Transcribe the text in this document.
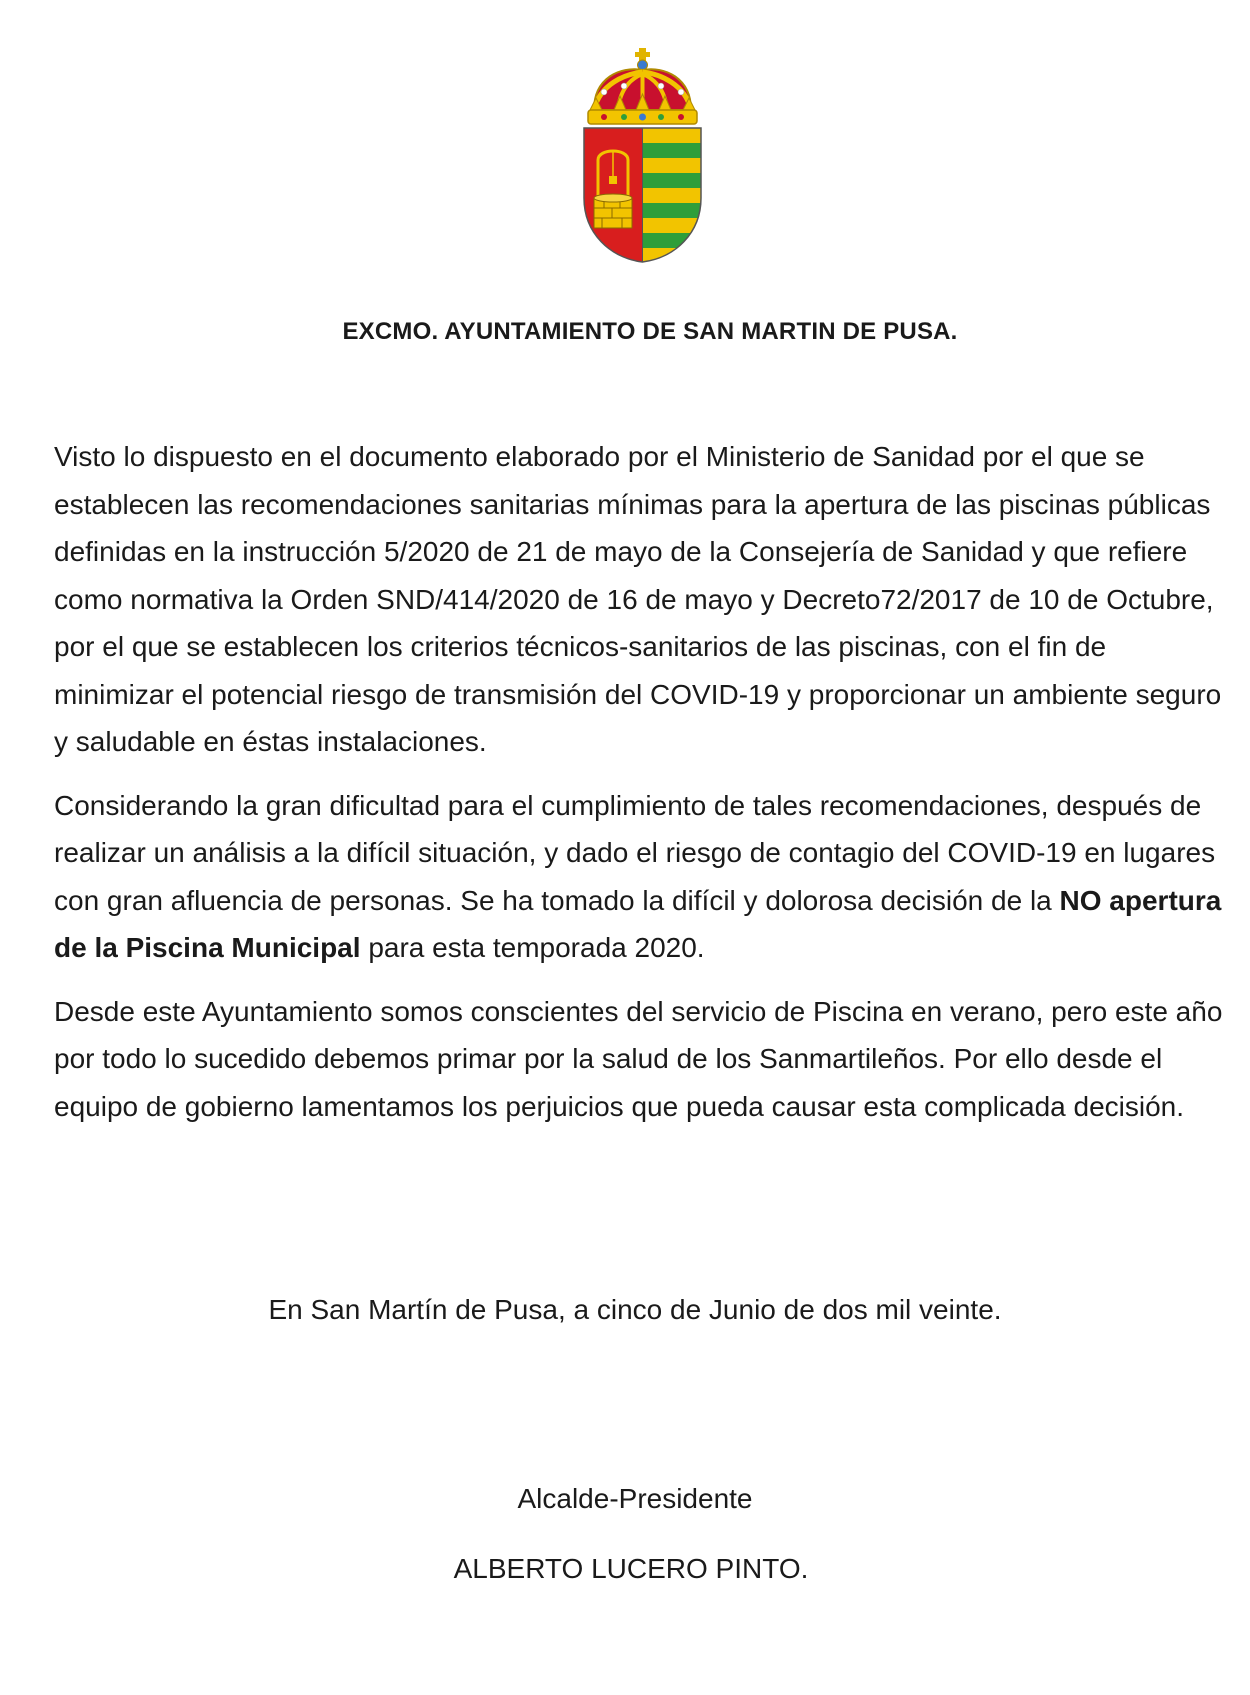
EXCMO. AYUNTAMIENTO DE SAN MARTIN DE PUSA.

Visto lo dispuesto en el documento elaborado por el Ministerio de Sanidad por el que se establecen las recomendaciones sanitarias mínimas para la apertura de las piscinas públicas definidas en la instrucción 5/2020 de 21 de mayo de la Consejería de Sanidad y que refiere como normativa la Orden SND/414/2020 de 16 de mayo y Decreto72/2017 de 10 de Octubre, por el que se establecen los criterios técnicos-sanitarios de las piscinas, con el fin de minimizar el potencial riesgo de transmisión del COVID-19 y proporcionar un ambiente seguro y saludable en éstas instalaciones.

Considerando la gran dificultad para el cumplimiento de tales recomendaciones, después de realizar un análisis a la difícil situación, y dado el riesgo de contagio del COVID-19 en lugares con gran afluencia de personas. Se ha tomado la difícil y dolorosa decisión de la NO apertura de la Piscina Municipal para esta temporada 2020.

Desde este Ayuntamiento somos conscientes del servicio de Piscina en verano, pero este año por todo lo sucedido debemos primar por la salud de los Sanmartileños. Por ello desde el equipo de gobierno lamentamos los perjuicios que pueda causar esta complicada decisión.

En San Martín de Pusa, a cinco de Junio de dos mil veinte.
Alcalde-Presidente
ALBERTO LUCERO PINTO.
